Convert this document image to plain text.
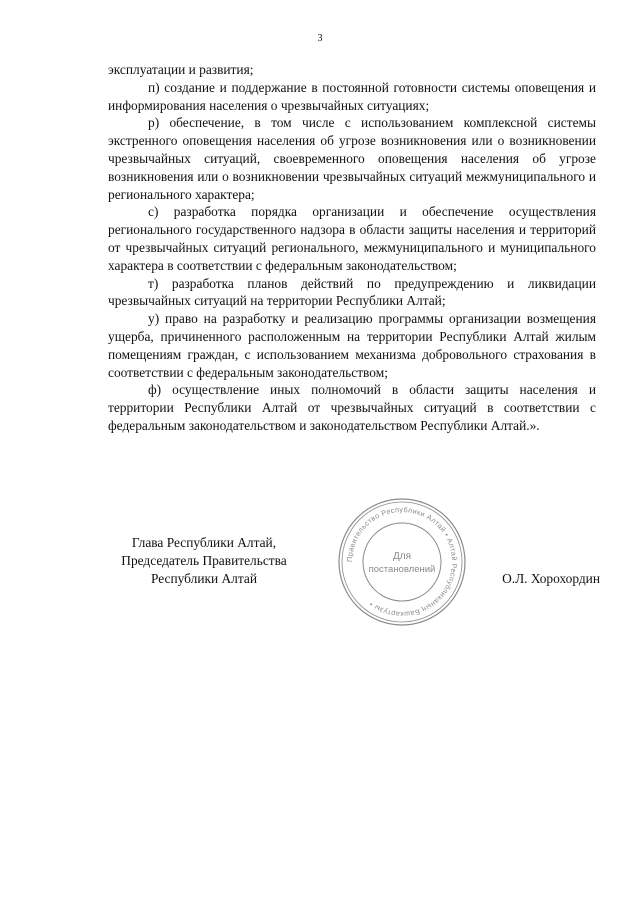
3

эксплуатации и развития;

п) создание и поддержание в постоянной готовности системы оповещения и информирования населения о чрезвычайных ситуациях;

р) обеспечение, в том числе с использованием комплексной системы экстренного оповещения населения об угрозе возникновения или о возникновении чрезвычайных ситуаций, своевременного оповещения населения об угрозе возникновения или о возникновении чрезвычайных ситуаций межмуниципального и регионального характера;

с) разработка порядка организации и обеспечение осуществления регионального государственного надзора в области защиты населения и территорий от чрезвычайных ситуаций регионального, межмуниципального и муниципального характера в соответствии с федеральным законодательством;

т) разработка планов действий по предупреждению и ликвидации чрезвычайных ситуаций на территории Республики Алтай;

у) право на разработку и реализацию программы организации возмещения ущерба, причиненного расположенным на территории Республики Алтай жилым помещениям граждан, с использованием механизма добровольного страхования в соответствии с федеральным законодательством;

ф) осуществление иных полномочий в области защиты населения и территории Республики Алтай от чрезвычайных ситуаций в соответствии с федеральным законодательством и законодательством Республики Алтай.».

Глава Республики Алтай,
Председатель Правительства
Республики Алтай
Правительство Республики Алтай • Алтай Республиканың Башкартузы •
Для
постановлений
О.Л. Хорохордин
